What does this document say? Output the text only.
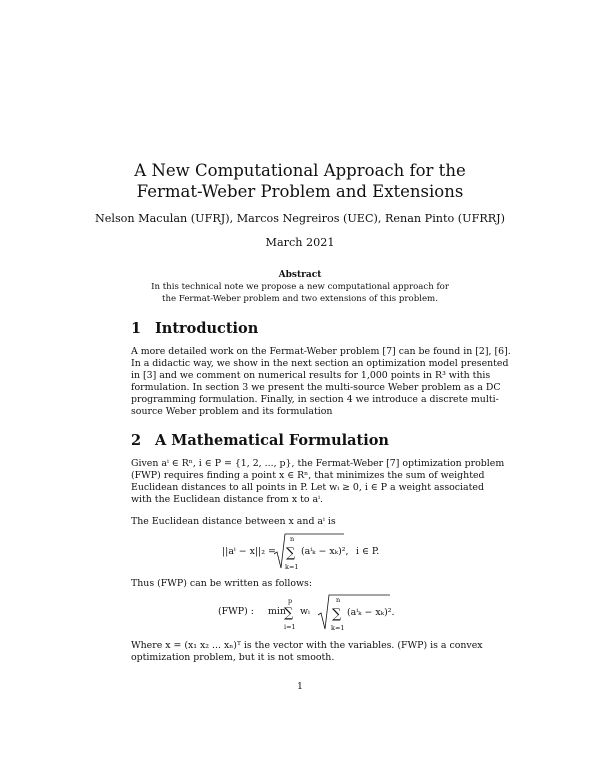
A New Computational Approach for the
Fermat-Weber Problem and Extensions
Nelson Maculan (UFRJ), Marcos Negreiros (UEC), Renan Pinto (UFRRJ)
March 2021
Abstract
In this technical note we propose a new computational approach for
the Fermat-Weber problem and two extensions of this problem.
1 Introduction
A more detailed work on the Fermat-Weber problem [7] can be found in [2], [6].
In a didactic way, we show in the next section an optimization model presented
in [3] and we comment on numerical results for 1,000 points in R³ with this
formulation. In section 3 we present the multi-source Weber problem as a DC
programming formulation. Finally, in section 4 we introduce a discrete multi-
source Weber problem and its formulation
2 A Mathematical Formulation
Given aⁱ ∈ Rⁿ, i ∈ P = {1, 2, ..., p}, the Fermat-Weber [7] optimization problem
(FWP) requires finding a point x ∈ Rⁿ, that minimizes the sum of weighted
Euclidean distances to all points in P. Let wᵢ ≥ 0, i ∈ P a weight associated
with the Euclidean distance from x to aⁱ.
The Euclidean distance between x and aⁱ is
||aⁱ − x||₂ =
n
∑
k=1
(aⁱₖ − xₖ)², i ∈ P.
Thus (FWP) can be written as follows:
(FWP) : min
p
∑
i=1
wᵢ
n
∑
k=1
(aⁱₖ − xₖ)².
Where x = (x₁ x₂ ... xₙ)ᵀ is the vector with the variables. (FWP) is a convex
optimization problem, but it is not smooth.
1
